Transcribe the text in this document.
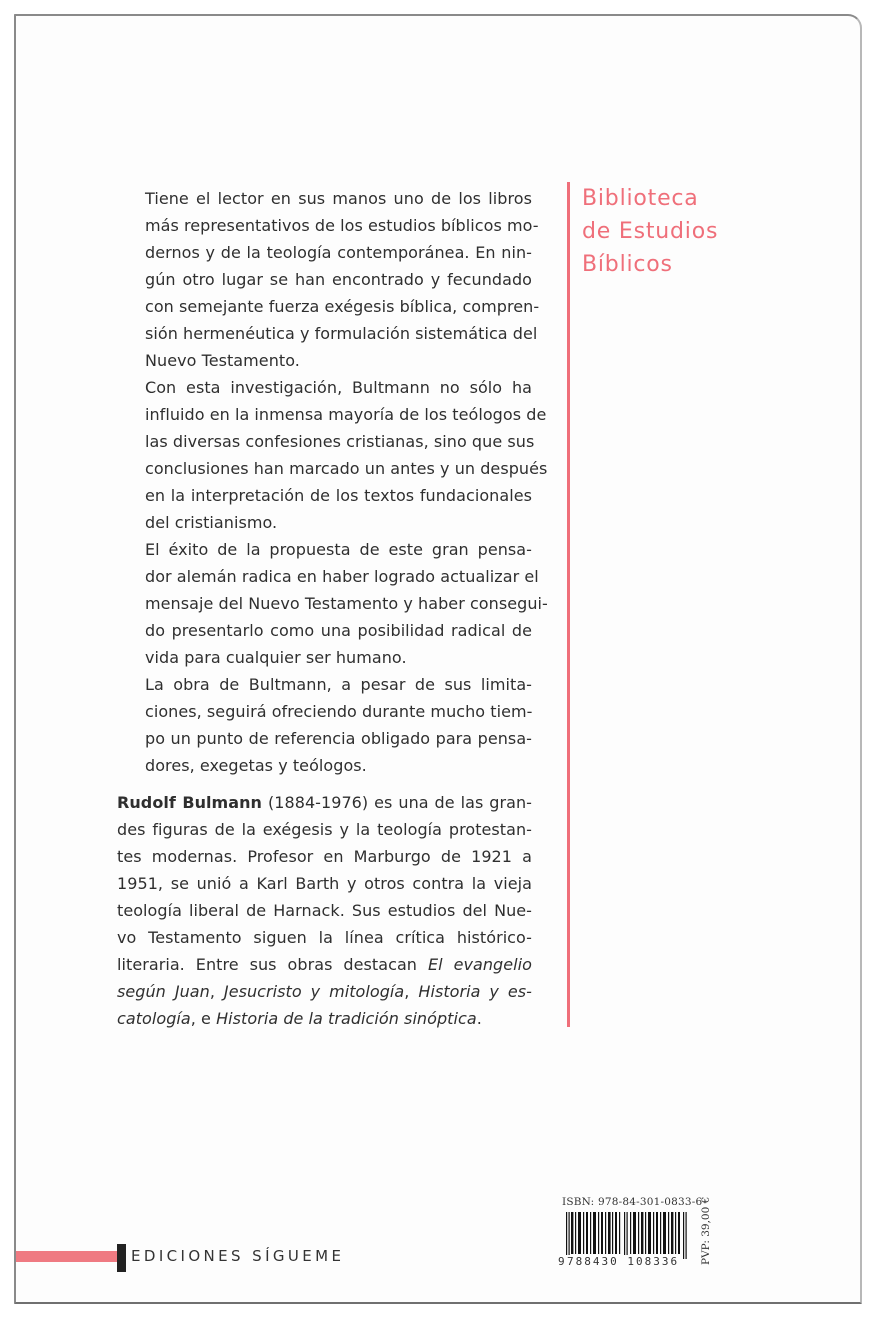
Tiene el lector en sus manos uno de los libros
más representativos de los estudios bíblicos mo-
dernos y de la teología contemporánea. En nin-
gún otro lugar se han encontrado y fecundado
con semejante fuerza exégesis bíblica, compren-
sión hermenéutica y formulación sistemática del
Nuevo Testamento.

Con esta investigación, Bultmann no sólo ha
influido en la inmensa mayoría de los teólogos de
las diversas confesiones cristianas, sino que sus
conclusiones han marcado un antes y un después
en la interpretación de los textos fundacionales
del cristianismo.

El éxito de la propuesta de este gran pensa-
dor alemán radica en haber logrado actualizar el
mensaje del Nuevo Testamento y haber consegui-
do presentarlo como una posibilidad radical de
vida para cualquier ser humano.

La obra de Bultmann, a pesar de sus limita-
ciones, seguirá ofreciendo durante mucho tiem-
po un punto de referencia obligado para pensa-
dores, exegetas y teólogos.

Rudolf Bulmann (1884-1976) es una de las gran-
des figuras de la exégesis y la teología protestan-
tes modernas. Profesor en Marburgo de 1921 a
1951, se unió a Karl Barth y otros contra la vieja
teología liberal de Harnack. Sus estudios del Nue-
vo Testamento siguen la línea crítica histórico-
literaria. Entre sus obras destacan El evangelio
según Juan, Jesucristo y mitología, Historia y es-
catología, e Historia de la tradición sinóptica.

Biblioteca
de Estudios
Bíblicos
EDICIONES SÍGUEME
ISBN: 978-84-301-0833-6
9 788430 108336 PVP: 39,00 €
